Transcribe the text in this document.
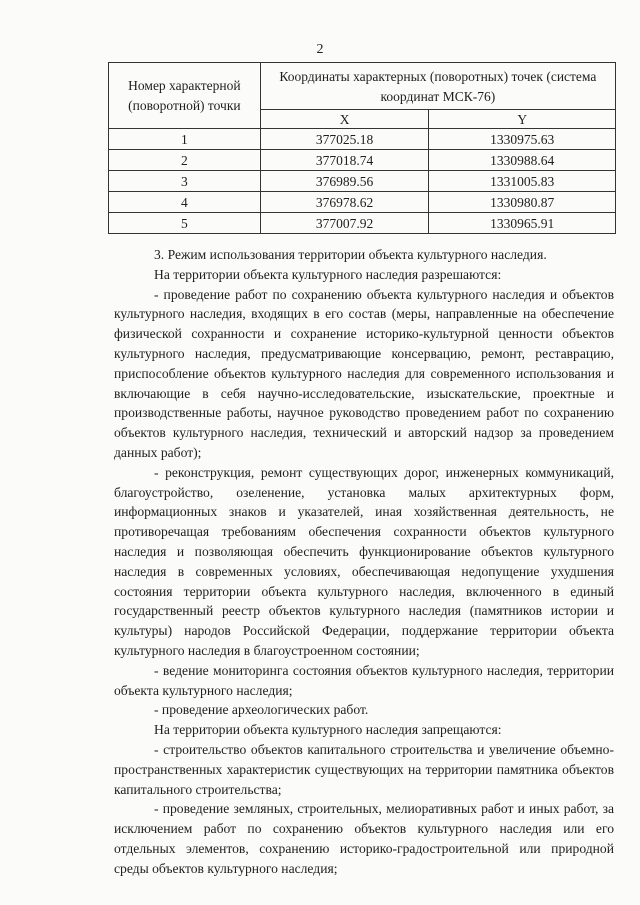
2
Номер характерной (поворотной) точки	Координаты характерных (поворотных) точек (система координат МСК-76)	
	X	Y
1	377025.18	1330975.63
2	377018.74	1330988.64
3	376989.56	1331005.83
4	376978.62	1330980.87
5	377007.92	1330965.91

3. Режим использования территории объекта культурного наследия.

На территории объекта культурного наследия разрешаются:

- проведение работ по сохранению объекта культурного наследия и объектов культурного наследия, входящих в его состав (меры, направленные на обеспечение физической сохранности и сохранение историко-культурной ценности объектов культурного наследия, предусматривающие консервацию, ремонт, реставрацию, приспособление объектов культурного наследия для современного использования и включающие в себя научно-исследовательские, изыскательские, проектные и производственные работы, научное руководство проведением работ по сохранению объектов культурного наследия, технический и авторский надзор за проведением данных работ);

- реконструкция, ремонт существующих дорог, инженерных коммуникаций, благоустройство, озеленение, установка малых архитектурных форм, информационных знаков и указателей, иная хозяйственная деятельность, не противоречащая требованиям обеспечения сохранности объектов культурного наследия и позволяющая обеспечить функционирование объектов культурного наследия в современных условиях, обеспечивающая недопущение ухудшения состояния территории объекта культурного наследия, включенного в единый государственный реестр объектов культурного наследия (памятников истории и культуры) народов Российской Федерации, поддержание территории объекта культурного наследия в благоустроенном состоянии;

- ведение мониторинга состояния объектов культурного наследия, территории объекта культурного наследия;

- проведение археологических работ.

На территории объекта культурного наследия запрещаются:

- строительство объектов капитального строительства и увеличение объемно-пространственных характеристик существующих на территории памятника объектов капитального строительства;

- проведение земляных, строительных, мелиоративных работ и иных работ, за исключением работ по сохранению объектов культурного наследия или его отдельных элементов, сохранению историко-градостроительной или природной среды объектов культурного наследия;
